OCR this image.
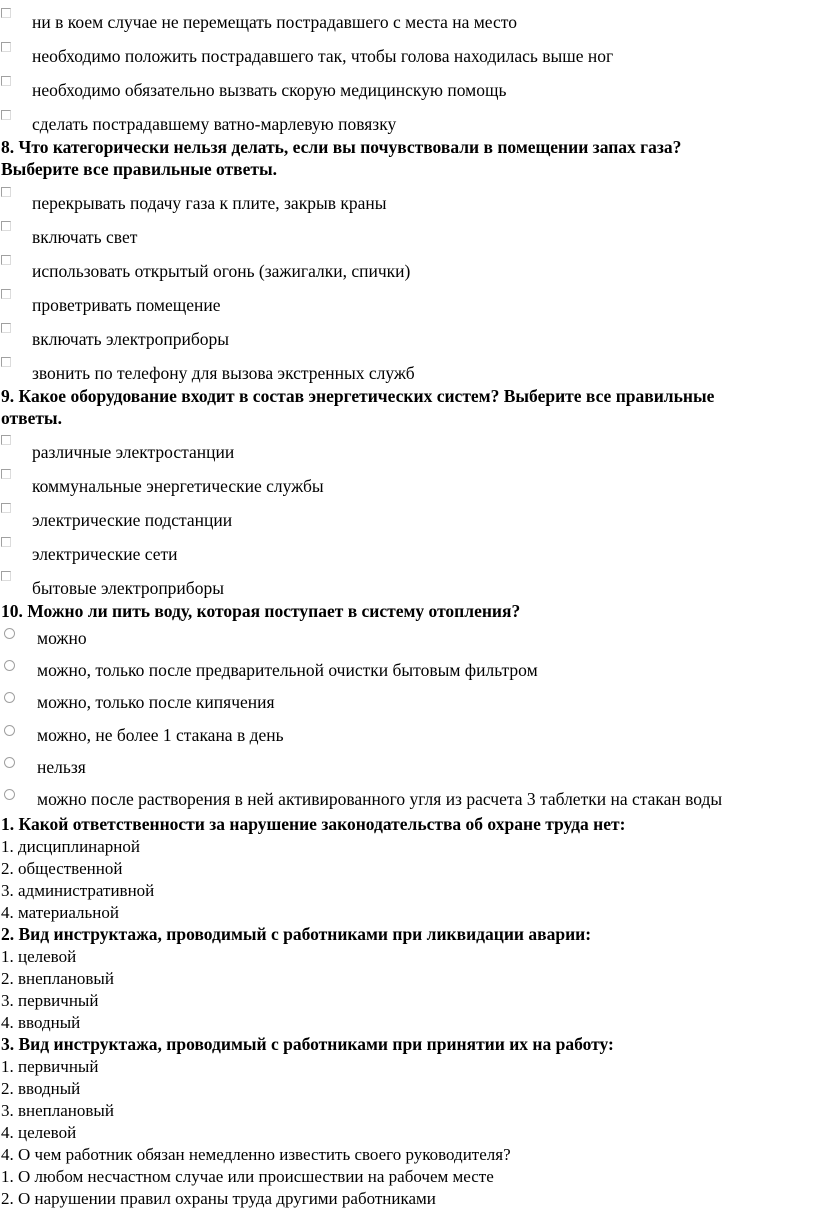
ни в коем случае не перемещать пострадавшего с места на место
необходимо положить пострадавшего так, чтобы голова находилась выше ног
необходимо обязательно вызвать скорую медицинскую помощь
сделать пострадавшему ватно-марлевую повязку
8. Что категорически нельзя делать, если вы почувствовали в помещении запах газа?
Выберите все правильные ответы.
перекрывать подачу газа к плите, закрыв краны
включать свет
использовать открытый огонь (зажигалки, спички)
проветривать помещение
включать электроприборы
звонить по телефону для вызова экстренных служб
9. Какое оборудование входит в состав энергетических систем? Выберите все правильные
ответы.
различные электростанции
коммунальные энергетические службы
электрические подстанции
электрические сети
бытовые электроприборы
10. Можно ли пить воду, которая поступает в систему отопления?
можно
можно, только после предварительной очистки бытовым фильтром
можно, только после кипячения
можно, не более 1 стакана в день
нельзя
можно после растворения в ней активированного угля из расчета 3 таблетки на стакан воды
1. Какой ответственности за нарушение законодательства об охране труда нет:
1. дисциплинарной
2. общественной
3. административной
4. материальной
2. Вид инструктажа, проводимый с работниками при ликвидации аварии:
1. целевой
2. внеплановый
3. первичный
4. вводный
3. Вид инструктажа, проводимый с работниками при принятии их на работу:
1. первичный
2. вводный
3. внеплановый
4. целевой
4. О чем работник обязан немедленно известить своего руководителя?
1. О любом несчастном случае или происшествии на рабочем месте
2. О нарушении правил охраны труда другими работниками
